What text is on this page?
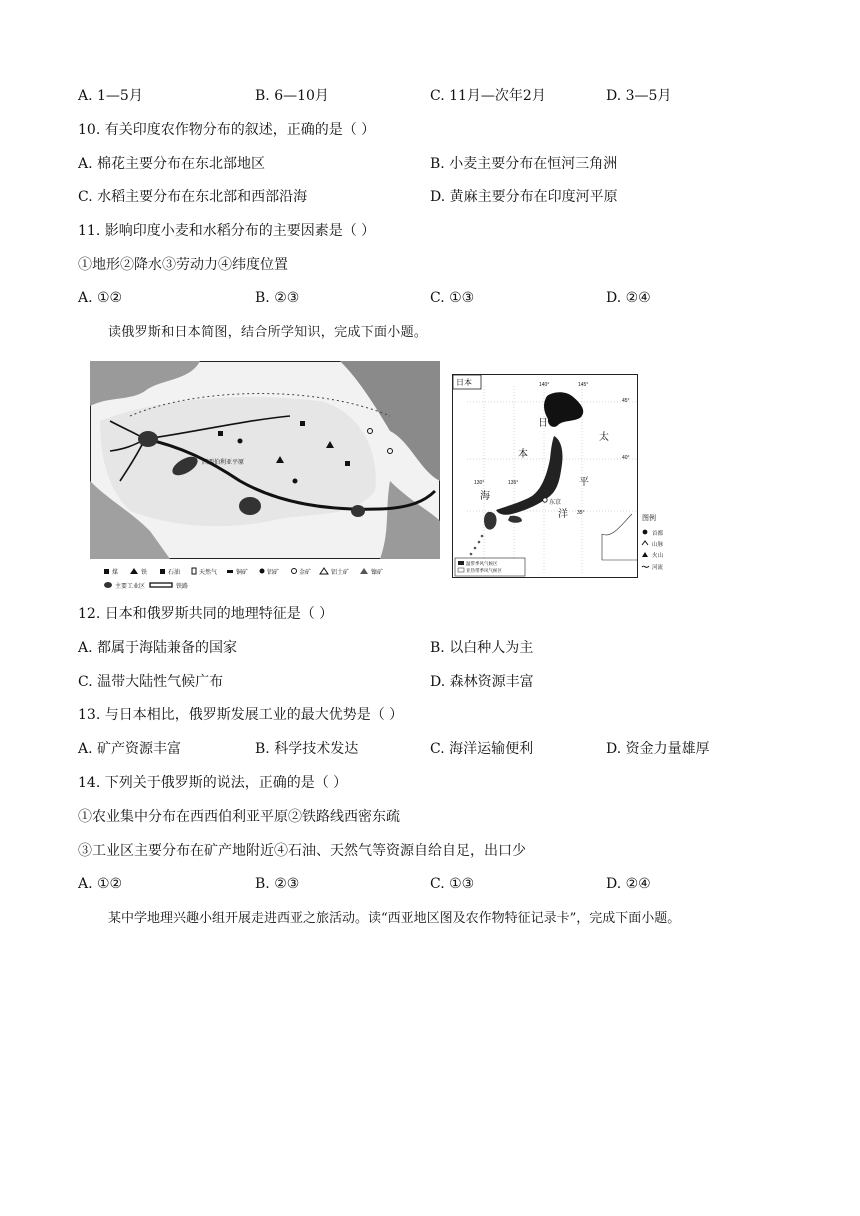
A. 1—5月	B. 6—10月	C. 11月—次年2月	D. 3—5月
10. 有关印度农作物分布的叙述，正确的是（ ）
A. 棉花主要分布在东北部地区	B. 小麦主要分布在恒河三角洲
C. 水稻主要分布在东北部和西部沿海	D. 黄麻主要分布在印度河平原
11. 影响印度小麦和水稻分布的主要因素是（ ）
①地形②降水③劳动力④纬度位置
A. ①②	B. ②③	C. ①③	D. ②④
读俄罗斯和日本简图，结合所学知识，完成下面小题。
西西伯利亚平原
煤	铁	石油	天然气	铜矿	铝矿	金矿	铝土矿	镍矿
主要工业区	铁路
日本	140°	145°
130°	135°
45°
40°
35°
东京
日
本
海
太
平
洋
温带季风气候区
亚热带季风气候区
图例
首都
山脉
火山
河流
12. 日本和俄罗斯共同的地理特征是（ ）
A. 都属于海陆兼备的国家	B. 以白种人为主
C. 温带大陆性气候广布	D. 森林资源丰富
13. 与日本相比，俄罗斯发展工业的最大优势是（ ）
A. 矿产资源丰富	B. 科学技术发达	C. 海洋运输便利	D. 资金力量雄厚
14. 下列关于俄罗斯的说法，正确的是（ ）
①农业集中分布在西西伯利亚平原②铁路线西密东疏
③工业区主要分布在矿产地附近④石油、天然气等资源自给自足，出口少
A. ①②	B. ②③	C. ①③	D. ②④
某中学地理兴趣小组开展走进西亚之旅活动。读“西亚地区图及农作物特征记录卡”，完成下面小题。
